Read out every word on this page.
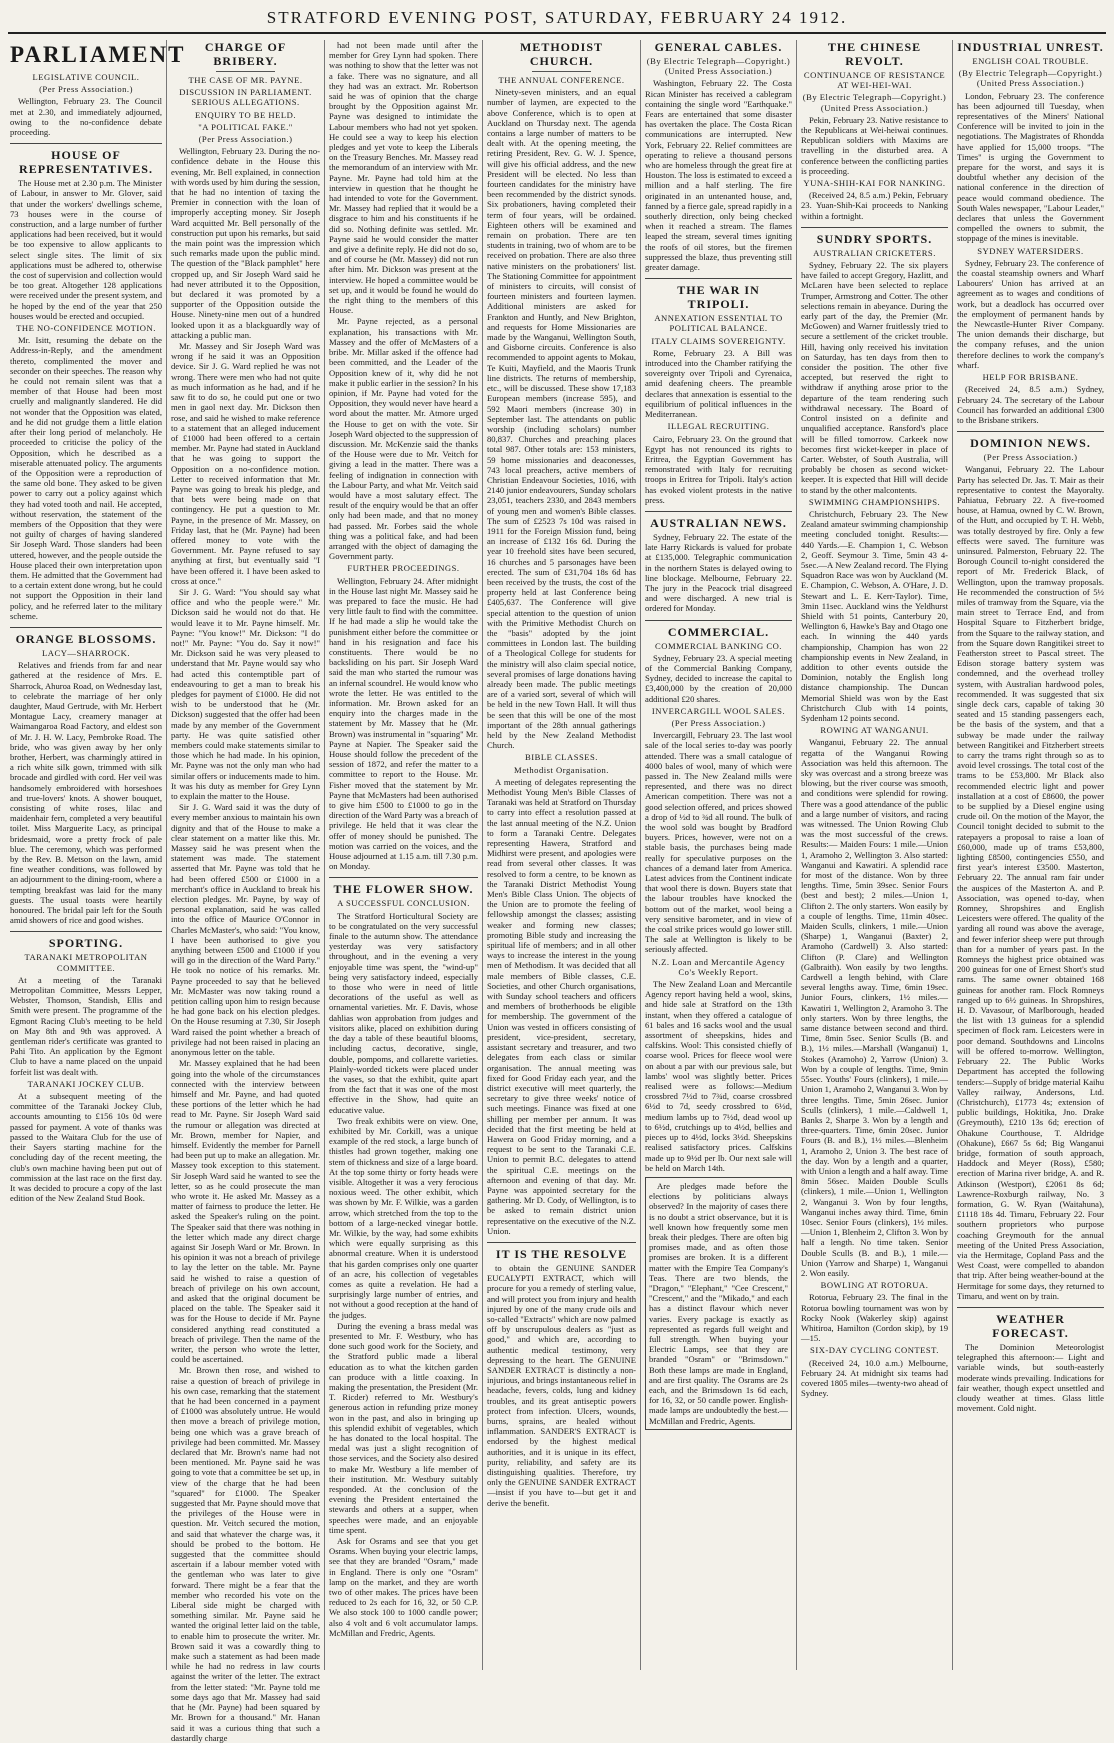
STRATFORD EVENING POST, SATURDAY, FEBRUARY 24 1912.
PARLIAMENT
LEGISLATIVE COUNCIL.
(Per Press Association.)

Wellington, February 23. The Council met at 2.30, and immediately adjourned, owing to the no-confidence debate proceeding.

HOUSE OF REPRESENTATIVES.

The House met at 2.30 p.m. The Minister of Labour, in answer to Mr. Glover, said that under the workers' dwellings scheme, 73 houses were in the course of construction, and a large number of further applications had been received, but it would be too expensive to allow applicants to select single sites. The limit of six applications must be adhered to, otherwise the cost of supervision and collection would be too great. Altogether 128 applications were received under the present system, and he hoped by the end of the year that 250 houses would be erected and occupied.

THE NO-CONFIDENCE MOTION.

Mr. Isitt, resuming the debate on the Address-in-Reply, and the amendment thereto, complimented the mover and seconder on their speeches. The reason why he could not remain silent was that a member of that House had been most cruelly and malignantly slandered. He did not wonder that the Opposition was elated, and he did not grudge them a little elation after their long period of melancholy. He proceeded to criticise the policy of the Opposition, which he described as a miserable attenuated policy. The arguments of the Opposition were a reproduction of the same old bone. They asked to be given power to carry out a policy against which they had voted tooth and nail. He accepted, without reservation, the statement of the members of the Opposition that they were not guilty of charges of having slandered Sir Joseph Ward. Those slanders had been uttered, however, and the people outside the House placed their own interpretation upon them. He admitted that the Government had to a certain extent done wrong, but he could not support the Opposition in their land policy, and he referred later to the military scheme.

ORANGE BLOSSOMS.
LACY—SHARROCK.

Relatives and friends from far and near gathered at the residence of Mrs. E. Sharrock, Ahuroa Road, on Wednesday last, to celebrate the marriage of her only daughter, Maud Gertrude, with Mr. Herbert Montague Lacy, creamery manager at Waimangaroa Road Factory, and eldest son of Mr. J. H. W. Lacy, Pembroke Road. The bride, who was given away by her only brother, Herbert, was charmingly attired in a rich white silk gown, trimmed with silk brocade and girdled with cord. Her veil was handsomely embroidered with horseshoes and true-lovers' knots. A shower bouquet, consisting of white roses, lilac and maidenhair fern, completed a very beautiful toilet. Miss Marguerite Lacy, as principal bridesmaid, wore a pretty frock of pale blue. The ceremony, which was performed by the Rev. B. Metson on the lawn, amid fine weather conditions, was followed by an adjournment to the dining-room, where a tempting breakfast was laid for the many guests. The usual toasts were heartily honoured. The bridal pair left for the South amid showers of rice and good wishes.

SPORTING.
TARANAKI METROPOLITAN COMMITTEE.

At a meeting of the Taranaki Metropolitan Committee, Messrs Lepper, Webster, Thomson, Standish, Ellis and Smith were present. The programme of the Egmont Racing Club's meeting to be held on May 8th and 9th was approved. A gentleman rider's certificate was granted to Pahi Tito. An application by the Egmont Club to have a name placed on the unpaid forfeit list was dealt with.

TARANAKI JOCKEY CLUB.

At a subsequent meeting of the committee of the Taranaki Jockey Club, accounts amounting to £156 10s 0d were passed for payment. A vote of thanks was passed to the Waitara Club for the use of their Sayers starting machine for the concluding day of the recent meeting, the club's own machine having been put out of commission at the last race on the first day. It was decided to procure a copy of the last edition of the New Zealand Stud Book.

CHARGE OF BRIBERY.
THE CASE OF MR. PAYNE.
DISCUSSION IN PARLIAMENT. SERIOUS ALLEGATIONS.
ENQUIRY TO BE HELD.
"A POLITICAL FAKE."
(Per Press Association.)

Wellington, February 23. During the no-confidence debate in the House this evening, Mr. Bell explained, in connection with words used by him during the session, that he had no intention of taxing the Premier in connection with the loan of improperly accepting money. Sir Joseph Ward acquitted Mr. Bell personally of the construction put upon his remarks, but said the main point was the impression which such remarks made upon the public mind. The question of the "Black pamphlet" here cropped up, and Sir Joseph Ward said he had never attributed it to the Opposition, but declared it was promoted by a supporter of the Opposition outside the House. Ninety-nine men out of a hundred looked upon it as a blackguardly way of attacking a public man.

Mr. Massey and Sir Joseph Ward was wrong if he said it was an Opposition device. Sir J. G. Ward replied he was not wrong. There were men who had not quite as much information as he had, and if he saw fit to do so, he could put one or two men in gaol next day. Mr. Dickson then rose, and said he wished to make reference to a statement that an alleged inducement of £1000 had been offered to a certain member. Mr. Payne had stated in Auckland that he was going to support the Opposition on a no-confidence motion. Letter to received information that Mr. Payne was going to break his pledge, and that bets were being made on that contingency. He put a question to Mr. Payne, in the presence of Mr. Massey, on Friday last, that he (Mr. Payne) had been offered money to vote with the Government. Mr. Payne refused to say anything at first, but eventually said "I have been offered it. I have been asked to cross at once."

Sir J. G. Ward: "You should say what office and who the people were." Mr. Dickson said he would not do that. He would leave it to Mr. Payne himself. Mr. Payne: "You know!" Mr. Dickson: "I do not!" Mr. Payne: "You do. Say it now!" Mr. Dickson said he was very pleased to understand that Mr. Payne would say who had acted this contemptible part of endeavouring to get a man to break his pledges for payment of £1000. He did not wish to be understood that he (Mr. Dickson) suggested that the offer had been made by any member of the Government party. He was quite satisfied other members could make statements similar to those which he had made. In his opinion, Mr. Payne was not the only man who had similar offers or inducements made to him. It was his duty as member for Grey Lynn to explain the matter to the House.

Sir J. G. Ward said it was the duty of every member anxious to maintain his own dignity and that of the House to make a clear statement on a matter like this. Mr. Massey said he was present when the statement was made. The statement asserted that Mr. Payne was told that he had been offered £500 or £1000 in a merchant's office in Auckland to break his election pledges. Mr. Payne, by way of personal explanation, said he was called into the office of Maurice O'Connor in Charles McMaster's, who said: "You know, I have been authorised to give you anything between £500 and £1000 if you will go in the direction of the Ward Party." He took no notice of his remarks. Mr. Payne proceeded to say that he believed Mr. McMaster was now taking round a petition calling upon him to resign because he had gone back on his election pledges. On the House resuming at 7.30, Sir Joseph Ward raised the point whether a breach of privilege had not been raised in placing an anonymous letter on the table.

Mr. Massey explained that he had been going into the whole of the circumstances connected with the interview between himself and Mr. Payne, and had quoted these portions of the letter which he had read to Mr. Payne. Sir Joseph Ward said the rumour or allegation was directed at Mr. Brown, member for Napier, and himself. Evidently the member for Parnell had been put up to make an allegation. Mr. Massey took exception to this statement. Sir Joseph Ward said he wanted to see the letter, so as he could prosecute the man who wrote it. He asked Mr. Massey as a matter of fairness to produce the letter. He asked the Speaker's ruling on the point. The Speaker said that there was nothing in the letter which made any direct charge against Sir Joseph Ward or Mr. Brown. In his opinion it was not a breach of privilege to lay the letter on the table. Mr. Payne said he wished to raise a question of breach of privilege on his own account, and asked that the original document be placed on the table. The Speaker said it was for the House to decide if Mr. Payne considered anything read constituted a breach of privilege. Then the name of the writer, the person who wrote the letter, could be ascertained.

Mr. Brown then rose, and wished to raise a question of breach of privilege in his own case, remarking that the statement that he had been concerned in a payment of £1000 was absolutely untrue. He would then move a breach of privilege motion, being one which was a grave breach of privilege had been committed. Mr. Massey declared that Mr. Brown's name had not been mentioned. Mr. Payne said he was going to vote that a committee be set up, in view of the charge that he had been "squared" for £1000. The Speaker suggested that Mr. Payne should move that the privileges of the House were in question. Mr. Veitch secured the motion, and said that whatever the charge was, it should be probed to the bottom. He suggested that the committee should ascertain if a labour member voted with the gentleman who was later to give forward. There might be a fear that the member who recorded his vote on the Liberal side might be charged with something similar. Mr. Payne said he wanted the original letter laid on the table, to enable him to prosecute the writer. Mr. Brown said it was a cowardly thing to make such a statement as had been made while he had no redress in law courts against the writer of the letter. The extract from the letter stated: "Mr. Payne told me some days ago that Mr. Massey had said that he (Mr. Payne) had been squared by Mr. Brown for a thousand." Mr. Hanan said it was a curious thing that such a dastardly charge

had not been made until after the member for Grey Lynn had spoken. There was nothing to show that the letter was not a fake. There was no signature, and all they had was an extract. Mr. Robertson said he was of opinion that the charge brought by the Opposition against Mr. Payne was designed to intimidate the Labour members who had not yet spoken. He could see a way to keep his election pledges and yet vote to keep the Liberals on the Treasury Benches. Mr. Massey read the memorandum of an interview with Mr. Payne. Mr. Payne had told him at the interview in question that he thought he had intended to vote for the Government. Mr. Massey had replied that it would be a disgrace to him and his constituents if he did so. Nothing definite was settled. Mr. Payne said he would consider the matter and give a definite reply. He did not do so, and of course he (Mr. Massey) did not run after him. Mr. Dickson was present at the interview. He hoped a committee would be set up, and it would be found he would do the right thing to the members of this House.

Mr. Payne rejected, as a personal explanation, his transactions with Mr. Massey and the offer of McMasters of a bribe. Mr. Millar asked if the offence had been committed, and the Leader of the Opposition knew of it, why did he not make it public earlier in the session? In his opinion, if Mr. Payne had voted for the Opposition, they would never have heard a word about the matter. Mr. Atmore urged the House to get on with the vote. Sir Joseph Ward objected to the suppression of discussion. Mr. McKenzie said the thanks of the House were due to Mr. Veitch for giving a lead in the matter. There was a feeling of indignation in connection with the Labour Party, and what Mr. Veitch said would have a most salutary effect. The result of the enquiry would be that an offer only had been made, and that no money had passed. Mr. Forbes said the whole thing was a political fake, and had been arranged with the object of damaging the Government party.

FURTHER PROCEEDINGS.

Wellington, February 24. After midnight in the House last night Mr. Massey said he was prepared to face the music. He had very little fault to find with the committee. If he had made a slip he would take the punishment either before the committee or hand in his resignation and face his constituents. There would be no backsliding on his part. Sir Joseph Ward said the man who started the rumour was an infernal scoundrel. He would know who wrote the letter. He was entitled to the information. Mr. Brown asked for an enquiry into the charges made in the statement by Mr. Massey that he (Mr. Brown) was instrumental in "squaring" Mr. Payne at Napier. The Speaker said the House should follow the precedent of the session of 1872, and refer the matter to a committee to report to the House. Mr. Fisher moved that the statement by Mr. Payne that McMasters had been authorised to give him £500 to £1000 to go in the direction of the Ward Party was a breach of privilege. He held that it was clear the offer of money should be punished. The motion was carried on the voices, and the House adjourned at 1.15 a.m. till 7.30 p.m. on Monday.

THE FLOWER SHOW.
A SUCCESSFUL CONCLUSION.

The Stratford Horticultural Society are to be congratulated on the very successful finale to the autumn show. The attendance yesterday was very satisfactory throughout, and in the evening a very enjoyable time was spent, the "wind-up" being very satisfactory indeed, especially to those who were in need of little decorations of the useful as well as ornamental varieties. Mr. F. Davis, whose dahlias won approbation from judges and visitors alike, placed on exhibition during the day a table of these beautiful blooms, including cactus, decorative, single, double, pompoms, and collarette varieties. Plainly-worded tickets were placed under the vases, so that the exhibit, quite apart from the fact that it was one of the most effective in the Show, had quite an educative value.

Two freak exhibits were on view. One, exhibited by Mr. Corkill, was a unique example of the red stock, a large bunch of thistles had grown together, making one stem of thickness and size of a large board. At the top some thirty or forty heads were visible. Altogether it was a very ferocious noxious weed. The other exhibit, which was shown by Mr. F. Wilkie, was a garden arrow, which stretched from the top to the bottom of a large-necked vinegar bottle. Mr. Wilkie, by the way, had some exhibits which were equally surprising as this abnormal creature. When it is understood that his garden comprises only one quarter of an acre, his collection of vegetables comes as quite a revelation. He had a surprisingly large number of entries, and not without a good reception at the hand of the judges.

During the evening a brass medal was presented to Mr. F. Westbury, who has done such good work for the Society, and the Stratford public made a liberal education as to what the kitchen garden can produce with a little coaxing. In making the presentation, the President (Mr. T. Ricder) referred to Mr. Westbury's generous action in refunding prize money won in the past, and also in bringing up this splendid exhibit of vegetables, which he has donated to the local hospital. The medal was just a slight recognition of those services, and the Society also desired to make Mr. Westbury a life member of their institution. Mr. Westbury suitably responded. At the conclusion of the evening the President entertained the stewards and others at a supper, when speeches were made, and an enjoyable time spent.

Ask for Osrams and see that you get Osrams. When buying your electric lamps, see that they are branded "Osram," made in England. There is only one "Osram" lamp on the market, and they are worth two of other makes. The prices have been reduced to 2s each for 16, 32, or 50 C.P. We also stock 100 to 1000 candle power; also 4 volt and 6 volt accumulator lamps. McMillan and Fredric, Agents.

METHODIST CHURCH.
THE ANNUAL CONFERENCE.

Ninety-seven ministers, and an equal number of laymen, are expected to the above Conference, which is to open at Auckland on Thursday next. The agenda contains a large number of matters to be dealt with. At the opening meeting, the retiring President, Rev. G. W. J. Spence, will give his official address, and the new President will be elected. No less than fourteen candidates for the ministry have been recommended by the district synods. Six probationers, having completed their term of four years, will be ordained. Eighteen others will be examined and remain on probation. There are ten students in training, two of whom are to be received on probation. There are also three native ministers on the probationers' list. The Stationing Committee for appointment of ministers to circuits, will consist of fourteen ministers and fourteen laymen. Additional ministers are asked for Frankton and Huntly, and New Brighton, and requests for Home Missionaries are made by the Wanganui, Wellington South, and Gisborne circuits. Conference is also recommended to appoint agents to Mokau, Te Kuiti, Mayfield, and the Maoris Trunk line districts. The returns of membership, etc., will be discussed. These show 17,183 European members (increase 595), and 592 Maori members (increase 30) in September last. The attendants on public worship (including scholars) number 80,837. Churches and preaching places total 987. Other totals are: 153 ministers, 59 home missionaries and deaconesses, 743 local preachers, active members of Christian Endeavour Societies, 1016, with 2140 junior endeavourers, Sunday scholars 23,051, teachers 2330, and 2843 members of young men and women's Bible classes. The sum of £2523 7s 10d was raised in 1911 for the Foreign Mission fund, being an increase of £132 16s 6d. During the year 10 freehold sites have been secured, 16 churches and 5 parsonages have been erected. The sum of £31,704 18s 6d has been received by the trusts, the cost of the property held at last Conference being £405,637. The Conference will give special attention to the question of union with the Primitive Methodist Church on the "basis" adopted by the joint committees in London last. The building of a Theological College for students for the ministry will also claim special notice, several promises of large donations having already been made. The public meetings are of a varied sort, several of which will be held in the new Town Hall. It will thus be seen that this will be one of the most important of the 28th annual gatherings held by the New Zealand Methodist Church.

BIBLE CLASSES.
Methodist Organisation.

A meeting of delegates representing the Methodist Young Men's Bible Classes of Taranaki was held at Stratford on Thursday to carry into effect a resolution passed at the last annual meeting of the N.Z. Union to form a Taranaki Centre. Delegates representing Hawera, Stratford and Midhirst were present, and apologies were read from several other classes. It was resolved to form a centre, to be known as the Taranaki District Methodist Young Men's Bible Class Union. The objects of the Union are to promote the feeling of fellowship amongst the classes; assisting weaker and forming new classes; promoting Bible study and increasing the spiritual life of members; and in all other ways to increase the interest in the young men of Methodism. It was decided that all male members of Bible classes, C.E. Societies, and other Church organisations, with Sunday school teachers and officers and members of brotherhoods be eligible for membership. The government of the Union was vested in officers consisting of president, vice-president, secretary, assistant secretary and treasurer, and two delegates from each class or similar organisation. The annual meeting was fixed for Good Friday each year, and the district executive will meet quarterly, the secretary to give three weeks' notice of such meetings. Finance was fixed at one shilling per member per annum. It was decided that the first meeting be held at Hawera on Good Friday morning, and a request to be sent to the Taranaki C.E. Union to permit B.C. delegates to attend the spiritual C.E. meetings on the afternoon and evening of that day. Mr. Payne was appointed secretary for the gathering. Mr D. Cody, of Wellington, is to be asked to remain district union representative on the executive of the N.Z. Union.

IT IS THE RESOLVE

to obtain the GENUINE SANDER EUCALYPTI EXTRACT, which will procure for you a remedy of sterling value, and will protect you from injury and health injured by one of the many crude oils and so-called "Extracts" which are now palmed off by unscrupulous dealers as "just as good," and which are, according to authentic medical testimony, very depressing to the heart. The GENUINE SANDER EXTRACT is distinctly a non-injurious, and brings instantaneous relief in headache, fevers, colds, lung and kidney troubles, and its great antiseptic powers protect from infection. Ulcers, wounds, burns, sprains, are healed without inflammation. SANDER'S EXTRACT is endorsed by the highest medical authorities, and it is unique in its effect, purity, reliability, and safety are its distinguishing qualities. Therefore, try only the GENUINE SANDER EXTRACT—insist if you have to—but get it and derive the benefit.

GENERAL CABLES.
(By Electric Telegraph—Copyright.) (United Press Association.)

Washington, February 22. The Costa Rican Minister has received a cablegram containing the single word "Earthquake." Fears are entertained that some disaster has overtaken the place. The Costa Rican communications are interrupted. New York, February 22. Relief committees are operating to relieve a thousand persons who are homeless through the great fire at Houston. The loss is estimated to exceed a million and a half sterling. The fire originated in an untenanted house, and, fanned by a fierce gale, spread rapidly in a southerly direction, only being checked when it reached a stream. The flames leaped the stream, several times igniting the roofs of oil stores, but the firemen suppressed the blaze, thus preventing still greater damage.

THE WAR IN TRIPOLI.
ANNEXATION ESSENTIAL TO POLITICAL BALANCE.
ITALY CLAIMS SOVEREIGNTY.

Rome, February 23. A Bill was introduced into the Chamber ratifying the sovereignty over Tripoli and Cyrenaica, amid deafening cheers. The preamble declares that annexation is essential to the equilibrium of political influences in the Mediterranean.

ILLEGAL RECRUITING.

Cairo, February 23. On the ground that Egypt has not renounced its rights to Eritrea, the Egyptian Government has remonstrated with Italy for recruiting troops in Eritrea for Tripoli. Italy's action has evoked violent protests in the native press.

AUSTRALIAN NEWS.

Sydney, February 22. The estate of the late Harry Rickards is valued for probate at £135,000. Telegraphic communication in the northern States is delayed owing to line blockage. Melbourne, February 22. The jury in the Peacock trial disagreed and were discharged. A new trial is ordered for Monday.

COMMERCIAL.
COMMERCIAL BANKING CO.

Sydney, February 23. A special meeting of the Commercial Banking Company, Sydney, decided to increase the capital to £3,400,000 by the creation of 20,000 additional £20 shares.

INVERCARGILL WOOL SALES.
(Per Press Association.)

Invercargill, February 23. The last wool sale of the local series to-day was poorly attended. There was a small catalogue of 4000 bales of wool, many of which were passed in. The New Zealand mills were represented, and there was no direct American competition. There was not a good selection offered, and prices showed a drop of ½d to ¾d all round. The bulk of the wool sold was bought by Bradford buyers. Prices, however, were not on a stable basis, the purchases being made really for speculative purposes on the chances of a demand later from America. Latest advices from the Continent indicate that wool there is down. Buyers state that the labour troubles have knocked the bottom out of the market, wool being a very sensitive barometer, and in view of the coal strike prices would go lower still. The sale at Wellington is likely to be seriously affected.

N.Z. Loan and Mercantile Agency Co's Weekly Report.

The New Zealand Loan and Mercantile Agency report having held a wool, skins, and hide sale at Stratford on the 13th instant, when they offered a catalogue of 61 bales and 16 sacks wool and the usual assortment of sheepskins, hides and calfskins. Wool: This consisted chiefly of coarse wool. Prices for fleece wool were on about a par with our previous sale, but lambs' wool was slightly better. Prices realised were as follows:—Medium crossbred 7½d to 7¾d, coarse crossbred 6½d to 7d, seedy crossbred to 6½d, medium lambs up to 7½d, dead wool up to 6½d, crutchings up to 4½d, bellies and pieces up to 4½d, locks 3½d. Sheepskins realised satisfactory prices. Calfskins made up to 9½d per lb. Our next sale will be held on March 14th.

Are pledges made before the elections by politicians always observed? In the majority of cases there is no doubt a strict observance, but it is well known how frequently some men break their pledges. There are often big promises made, and as often those promises are broken. It is a different matter with the Empire Tea Company's Teas. There are two blends, the "Dragon," "Elephant," "Cee Crescent," "Crescent," and the "Mikado," and each has a distinct flavour which never varies. Every package is exactly as represented as regards full weight and full strength. When buying your Electric Lamps, see that they are branded "Osram" or "Brimsdown." Both these lamps are made in England, and are first quality. The Osrams are 2s each, and the Brimsdown 1s 6d each, for 16, 32, or 50 candle power. English-made lamps are undoubtedly the best.—McMillan and Fredric, Agents.

THE CHINESE REVOLT.
CONTINUANCE OF RESISTANCE AT WEI-HEI-WAI.
(By Electric Telegraph—Copyright.) (United Press Association.)

Pekin, February 23. Native resistance to the Republicans at Wei-heiwai continues. Republican soldiers with Maxims are travelling in the disturbed area. A conference between the conflicting parties is proceeding.

YUNA-SHIH-KAI FOR NANKING.

(Received 24, 8.5 a.m.) Pekin, February 23. Yuan-Shih-Kai proceeds to Nanking within a fortnight.

SUNDRY SPORTS.
AUSTRALIAN CRICKETERS.

Sydney, February 22. The six players have failed to accept Gregory, Hazlitt, and McLaren have been selected to replace Trumper, Armstrong and Cotter. The other selections remain in abeyance. During the early part of the day, the Premier (Mr. McGowen) and Warner fruitlessly tried to secure a settlement of the cricket trouble. Hill, having only received his invitation on Saturday, has ten days from then to consider the position. The other five accepted, but reserved the right to withdraw if anything arose prior to the departure of the team rendering such withdrawal necessary. The Board of Control insisted on a definite and unqualified acceptance. Ransford's place will be filled tomorrow. Carkeek now becomes first wicket-keeper in place of Carter. Webster, of South Australia, will probably be chosen as second wicket-keeper. It is expected that Hill will decide to stand by the other malcontents.

SWIMMING CHAMPIONSHIPS.

Christchurch, February 23. The New Zealand amateur swimming championship meeting concluded tonight. Results:— 440 Yards.—E. Champion 1, C. Webson 2, Geoff. Seymour 3. Time, 5min 43 4-5sec.—A New Zealand record. The Flying Squadron Race was won by Auckland (M. E. Champion, C. Webson, A. O'Hare, J. D. Stewart and L. E. Kerr-Taylor). Time, 3min 11sec. Auckland wins the Yeldhurst Shield with 51 points, Canterbury 20, Wellington 6, Hawke's Bay and Otago one each. In winning the 440 yards championship, Champion has won 22 championship events in New Zealand, in addition to other events outside the Dominion, notably the English long distance championship. The Duncan Memorial Shield was won by the East Christchurch Club with 14 points, Sydenham 12 points second.

ROWING AT WANGANUI.

Wanganui, February 22. The annual regatta of the Wanganui Rowing Association was held this afternoon. The sky was overcast and a strong breeze was blowing, but the river course was smooth, and conditions were splendid for rowing. There was a good attendance of the public and a large number of visitors, and racing was witnessed. The Union Rowing Club was the most successful of the crews. Results:— Maiden Fours: 1 mile.—Union 1, Aramoho 2, Wellington 3. Also started: Wanganui and Kawatiri. A splendid race for most of the distance. Won by three lengths. Time, 5min 39sec. Senior Fours (best and best); 2 miles.—Union 1, Clifton 2. The only starters. Won easily by a couple of lengths. Time, 11min 40sec. Maiden Sculls, clinkers, 1 mile.—Union (Sharpe) 1, Wanganui (Baxter) 2, Aramoho (Cardwell) 3. Also started: Clifton (P. Clare) and Wellington (Galbraith). Won easily by two lengths. Cardwell a length behind, with Clare several lengths away. Time, 6min 19sec. Junior Fours, clinkers, 1½ miles.—Kawatiri 1, Wellington 2, Aramoho 3. The only starters. Won by three lengths, the same distance between second and third. Time, 8min 5sec. Senior Sculls (B. and B.), 1½ miles.—Marshall (Wanganui) 1, Stokes (Aramoho) 2, Yarrow (Union) 3. Won by a couple of lengths. Time, 9min 55sec. Youths' Fours (clinkers), 1 mile.—Union 1, Aramoho 2, Wanganui 3. Won by three lengths. Time, 5min 26sec. Junior Sculls (clinkers), 1 mile.—Caldwell 1, Banks 2, Sharpe 3. Won by a length and three-quarters. Time, 6min 20sec. Junior Fours (B. and B.), 1½ miles.—Blenheim 1, Aramoho 2, Union 3. The best race of the day. Won by a length and a quarter, with Union a length and a half away. Time 8min 56sec. Maiden Double Sculls (clinkers), 1 mile.—Union 1, Wellington 2, Wanganui 3. Won by four lengths, Wanganui inches away third. Time, 6min 10sec. Senior Fours (clinkers), 1½ miles.—Union 1, Blenheim 2, Clifton 3. Won by half a length. No time taken. Senior Double Sculls (B. and B.), 1 mile.—Union (Yarrow and Sharpe) 1, Wanganui 2. Won easily.

BOWLING AT ROTORUA.

Rotorua, February 23. The final in the Rotorua bowling tournament was won by Rocky Nook (Wakerley skip) against Whitiroa, Hamilton (Cordon skip), by 19—15.

SIX-DAY CYCLING CONTEST.

(Received 24, 10.0 a.m.) Melbourne, February 24. At midnight six teams had covered 1805 miles—twenty-two ahead of Sydney.

INDUSTRIAL UNREST.
ENGLISH COAL TROUBLE.
(By Electric Telegraph—Copyright.) (United Press Association.)

London, February 23. The conference has been adjourned till Tuesday, when representatives of the Miners' National Conference will be invited to join in the negotiations. The Magistrates of Rhondda have applied for 15,000 troops. "The Times" is urging the Government to prepare for the worst, and says it is doubtful whether any decision of the national conference in the direction of peace would command obedience. The South Wales newspaper, "Labour Leader," declares that unless the Government compelled the owners to submit, the stoppage of the mines is inevitable.

SYDNEY WATERSIDERS.

Sydney, February 23. The conference of the coastal steamship owners and Wharf Labourers' Union has arrived at an agreement as to wages and conditions of work, but a deadlock has occurred over the employment of permanent hands by the Newcastle-Hunter River Company. The union demands their discharge, but the company refuses, and the union therefore declines to work the company's wharf.

HELP FOR BRISBANE.

(Received 24, 8.5 a.m.) Sydney, February 24. The secretary of the Labour Council has forwarded an additional £300 to the Brisbane strikers.

DOMINION NEWS.
(Per Press Association.)

Wanganui, February 22. The Labour Party has selected Dr. Jas. T. Mair as their representative to contest the Mayoralty. Pahiatua, February 22. A five-roomed house, at Hamua, owned by C. W. Brown, of the Hutt, and occupied by T. H. Webb, was totally destroyed by fire. Only a few effects were saved. The furniture was uninsured. Palmerston, February 22. The Borough Council to-night considered the report of Mr. Frederick Black, of Wellington, upon the tramway proposals. He recommended the construction of 5½ miles of tramway from the Square, via the main street to Terrace End, and from Hospital Square to Fitzherbert bridge, from the Square to the railway station, and from the Square down Rangitikei street to Featherston street to Pascal street. The Edison storage battery system was condemned, and the overhead trolley system, with Australian hardwood poles, recommended. It was suggested that six single deck cars, capable of taking 30 seated and 15 standing passengers each, be the basis of the system, and that a subway be made under the railway between Rangitikei and Fitzherbert streets to carry the trams right through so as to avoid level crossings. The total cost of the trams to be £53,800. Mr Black also recommended electric light and power installation at a cost of £8600, the power to be supplied by a Diesel engine using crude oil. On the motion of the Mayor, the Council tonight decided to submit to the ratepayers a proposal to raise a loan of £60,000, made up of trams £53,800, lighting £8500, contingencies £550, and first year's interest £3500. Masterton, February 22. The annual ram fair under the auspices of the Masterton A. and P. Association, was opened to-day, when Romney, Shropshires and English Leicesters were offered. The quality of the yarding all round was above the average, and fewer inferior sheep were put through than for a number of years past. In the Romneys the highest price obtained was 200 guineas for one of Ernest Short's stud rams. The same owner obtained 168 guineas for another ram. Flock Romneys ranged up to 6½ guineas. In Shropshires, H. D. Vavasour, of Marlborough, headed the list with 13 guineas for a splendid specimen of flock ram. Leicesters were in poor demand. Southdowns and Lincolns will be offered to-morrow. Wellington, February 22. The Public Works Department has accepted the following tenders:—Supply of bridge material Kaihu Valley railway, Andersons, Ltd. (Christchurch), £1773 4s; extension of public buildings, Hokitika, Jno. Drake (Greymouth), £210 13s 6d; erection of Ohakune Courthouse, T. Aldridge (Ohakune), £667 5s 6d; Big Wanganui bridge, formation of south approach, Haddock and Meyer (Ross), £580; erection of Marina river bridge, A. and R. Atkinson (Westport), £2061 8s 6d; Lawrence-Roxburgh railway, No. 3 formation, G. W. Ryan (Waitahuna), £1118 18s 4d. Timaru, February 22. Four southern proprietors who purpose coaching Greymouth for the annual meeting of the United Press Association, via the Hermitage, Copland Pass and the West Coast, were compelled to abandon that trip. After being weather-bound at the Hermitage for some days, they returned to Timaru, and went on by train.

WEATHER FORECAST.

The Dominion Meteorologist telegraphed this afternoon:— Light and variable winds, but south-easterly moderate winds prevailing. Indications for fair weather, though expect unsettled and cloudy weather at times. Glass little movement. Cold night.
